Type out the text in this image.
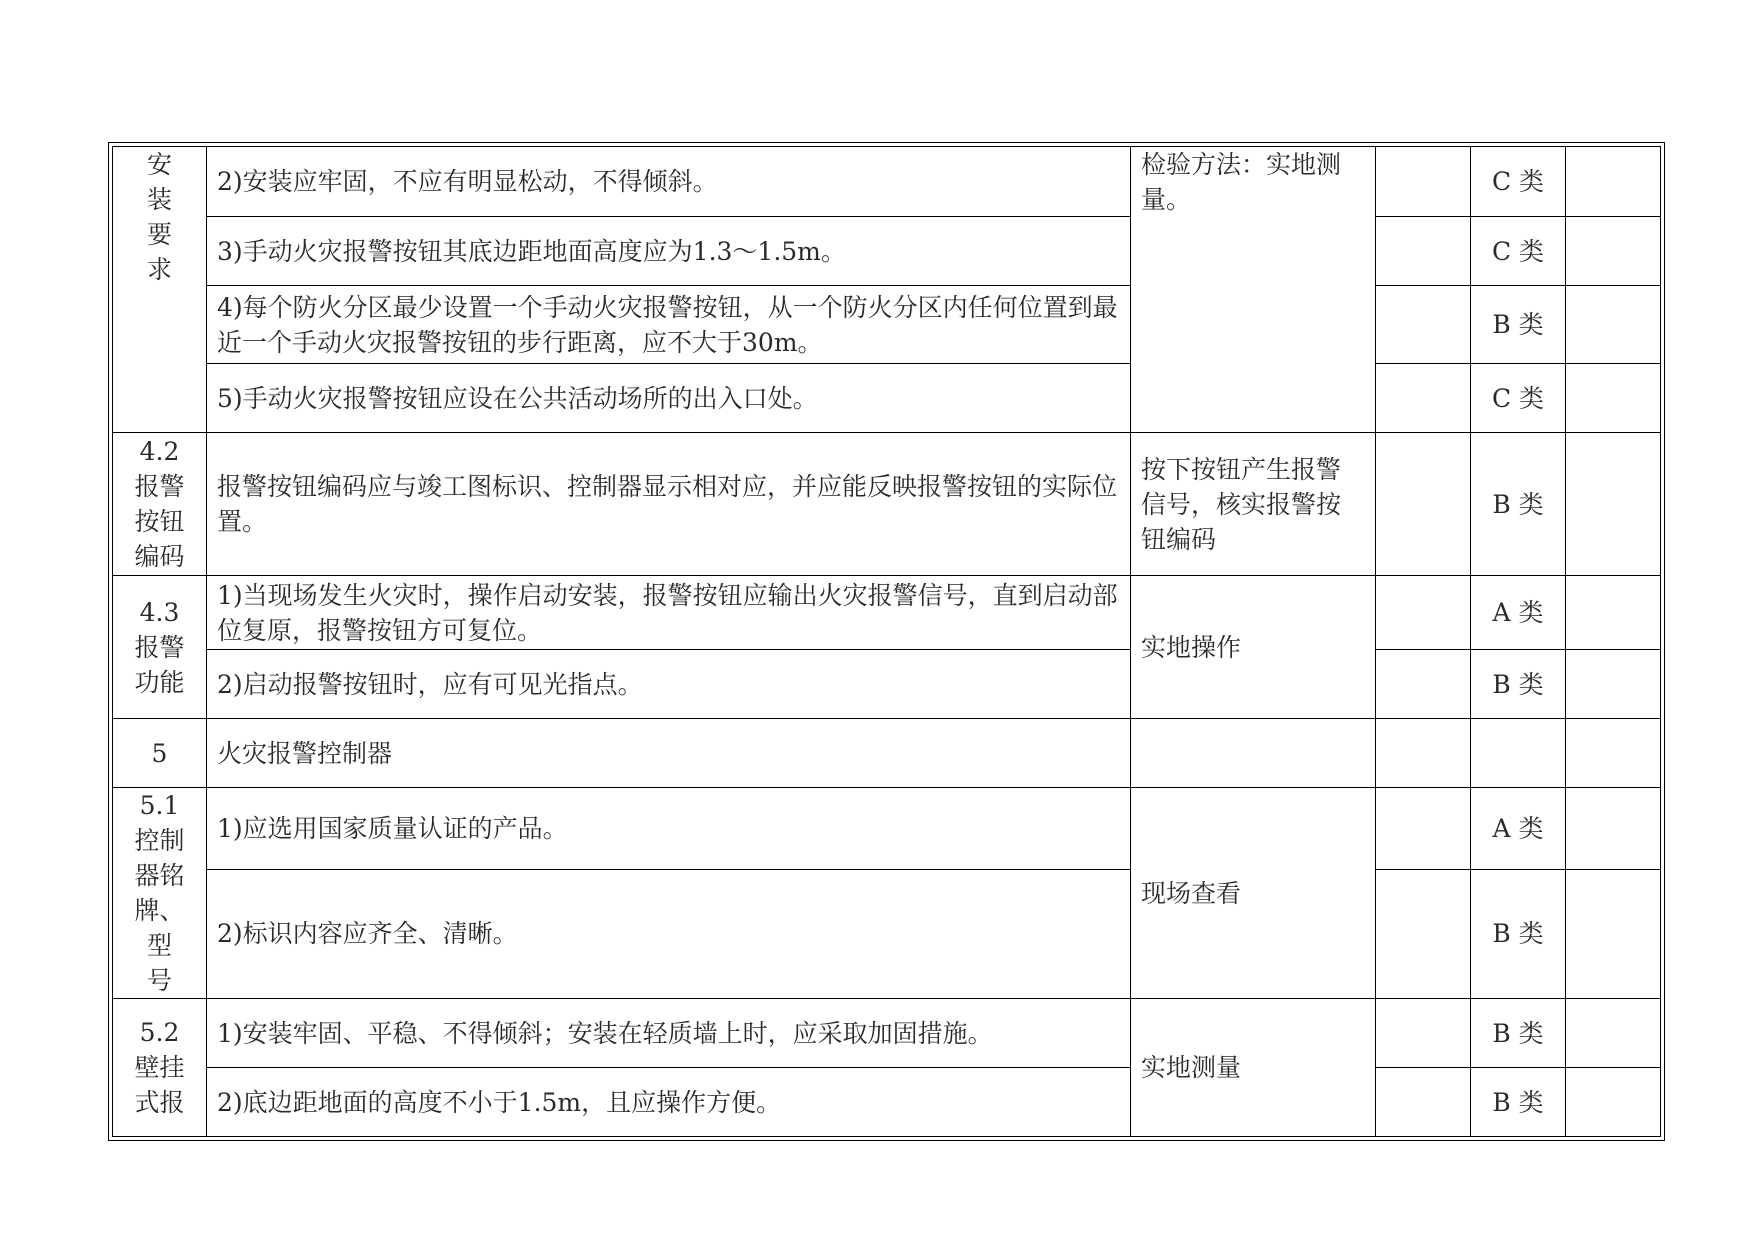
安
装
要
求	2)安装应牢固，不应有明显松动，不得倾斜。	检验方法：实地测量。		C 类	
	3)手动火灾报警按钮其底边距地面高度应为1.3～1.5m。			C 类	
	4)每个防火分区最少设置一个手动火灾报警按钮，从一个防火分区内任何位置到最近一个手动火灾报警按钮的步行距离，应不大于30m。			B 类	
	5)手动火灾报警按钮应设在公共活动场所的出入口处。			C 类	
4.2
报警
按钮
编码	报警按钮编码应与竣工图标识、控制器显示相对应，并应能反映报警按钮的实际位置。	按下按钮产生报警信号，核实报警按钮编码		B 类	
4.3
报警
功能	1)当现场发生火灾时，操作启动安装，报警按钮应输出火灾报警信号，直到启动部位复原，报警按钮方可复位。	实地操作		A 类	
	2)启动报警按钮时，应有可见光指点。			B 类	
5	火灾报警控制器				
5.1
控制
器铭
牌、型
号	1)应选用国家质量认证的产品。	现场查看		A 类	
	2)标识内容应齐全、清晰。			B 类	
5.2
壁挂
式报	1)安装牢固、平稳、不得倾斜；安装在轻质墙上时，应采取加固措施。	实地测量		B 类	
	2)底边距地面的高度不小于1.5m，且应操作方便。			B 类	
